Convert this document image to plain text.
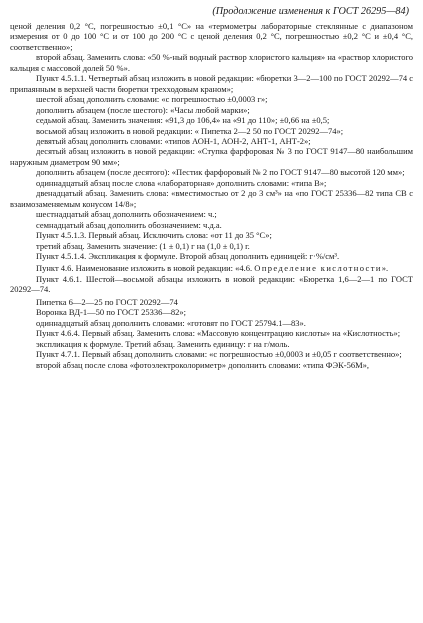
(Продолжение изменения к ГОСТ 26295—84)

ценой деления 0,2 °С, погрешностью ±0,1 °С» на «термометры лабораторные стеклянные с диапазоном измерения от 0 до 100 °С и от 100 до 200 °С с ценой деления 0,2 °С, погрешностью ±0,2 °С и ±0,4 °С, соответственно»;

второй абзац. Заменить слова: «50 %-ный водный раствор хлористого кальция» на «раствор хлористого кальция с массовой долей 50 %».

Пункт 4.5.1.1. Четвертый абзац изложить в новой редакции: «бюретки 3—2—100 по ГОСТ 20292—74 с припаянным в верхней части бюретки трехходовым краном»;

шестой абзац дополнить словами: «с погрешностью ±0,0003 г»;

дополнить абзацем (после шестого): «Часы любой марки»;

седьмой абзац. Заменить значения: «91,3 до 106,4» на «91 до 110»; ±0,66 на ±0,5;

восьмой абзац изложить в новой редакции: « Пипетка 2—2 50 по ГОСТ 20292—74»;

девятый абзац дополнить словами: «типов АОН-1, АОН-2, АНТ-1, АНТ-2»;

десятый абзац изложить в новой редакции: «Ступка фарфоровая № 3 по ГОСТ 9147—80 наибольшим наружным диаметром 90 мм»;

дополнить абзацем (после десятого): «Пестик фарфоровый № 2 по ГОСТ 9147—80 высотой 120 мм»;

одиннадцатый абзац после слова «лабораторная» дополнить словами: «типа В»;

двенадцатый абзац. Заменить слова: «вместимостью от 2 до 3 см³» на «по ГОСТ 25336—82 типа СВ с взаимозаменяемым конусом 14/8»;

шестнадцатый абзац дополнить обозначением: ч.;

семнадцатый абзац дополнить обозначением: ч.д.а.

Пункт 4.5.1.3. Первый абзац. Исключить слова: «от 11 до 35 °С»;

третий абзац. Заменить значение: (1 ± 0,1) г на (1,0 ± 0,1) г.

Пункт 4.5.1.4. Экспликация к формуле. Второй абзац дополнить единицей: г·%/см³.

Пункт 4.6. Наименование изложить в новой редакции: «4.6. Определение кислотности».

Пункт 4.6.1. Шестой—восьмой абзацы изложить в новой редакции: «Бюретка 1,6—2—1 по ГОСТ 20292—74.

Пипетка 6—2—25 по ГОСТ 20292—74

Воронка ВД-1—50 по ГОСТ 25336—82»;

одиннадцатый абзац дополнить словами: «готовят по ГОСТ 25794.1—83».

Пункт 4.6.4. Первый абзац. Заменить слова: «Массовую концентрацию кислоты» на «Кислотность»;

экспликация к формуле. Третий абзац. Заменить единицу: г на г/моль.

Пункт 4.7.1. Первый абзац дополнить словами: «с погрешностью ±0,0003 и ±0,05 г соответственно»;

второй абзац после слова «фотоэлектроколориметр» дополнить словами: «типа ФЭК-56М»,
